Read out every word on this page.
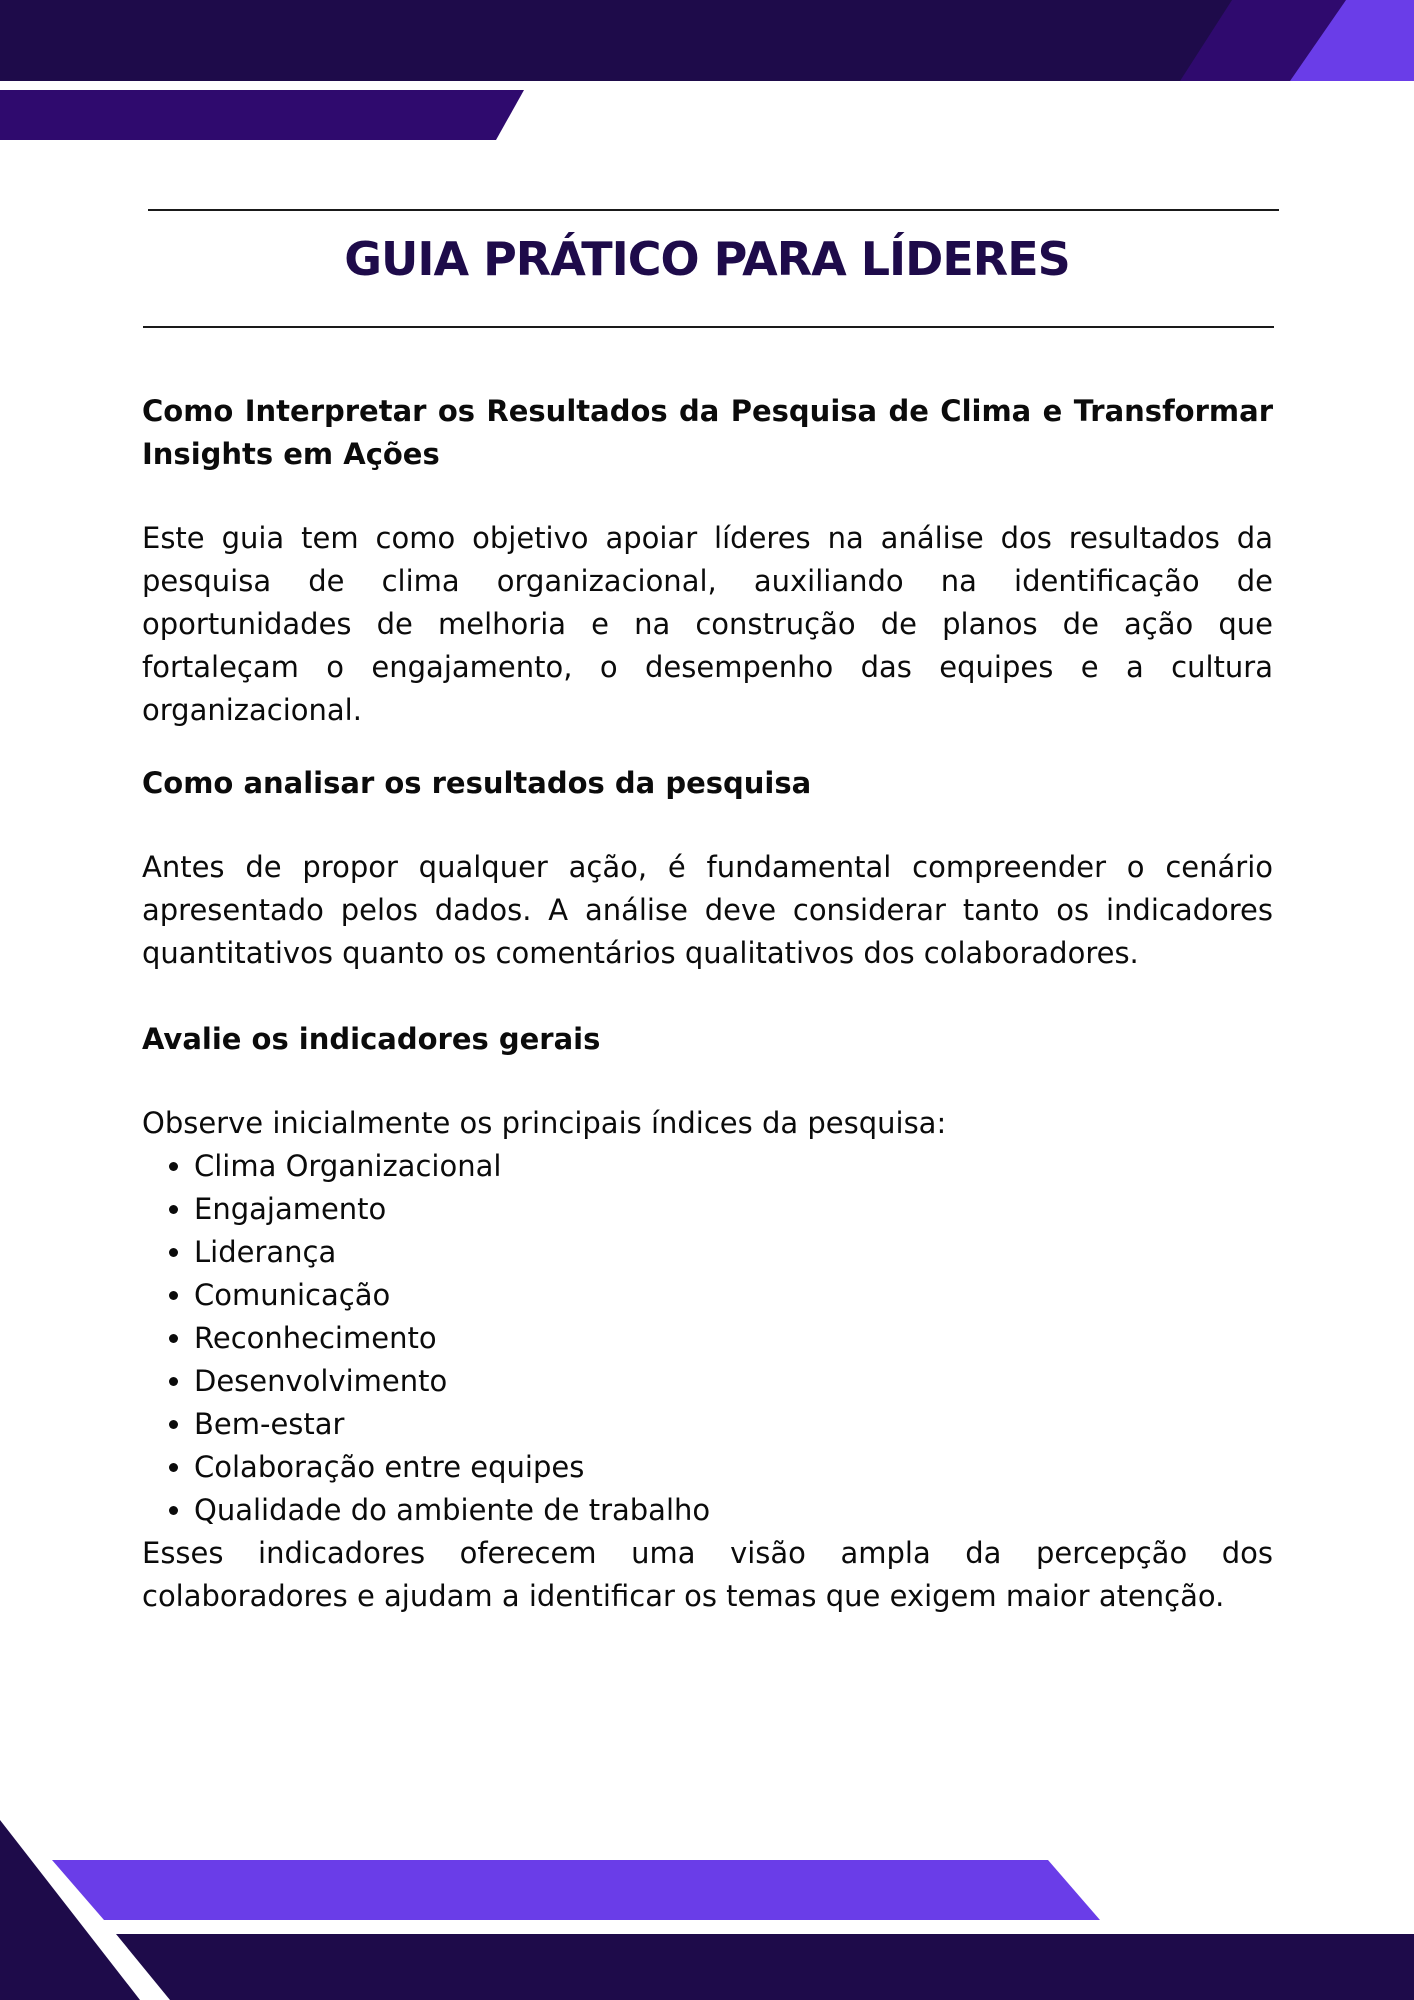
GUIA PRÁTICO PARA LÍDERES

Como Interpretar os Resultados da Pesquisa de Clima e Transformar Insights em Ações

Este guia tem como objetivo apoiar líderes na análise dos resultados da pesquisa de clima organizacional, auxiliando na identificação de oportunidades de melhoria e na construção de planos de ação que fortaleçam o engajamento, o desempenho das equipes e a cultura organizacional.

Como analisar os resultados da pesquisa

Antes de propor qualquer ação, é fundamental compreender o cenário apresentado pelos dados. A análise deve considerar tanto os indicadores quantitativos quanto os comentários qualitativos dos colaboradores.

Avalie os indicadores gerais

Observe inicialmente os principais índices da pesquisa:

• Clima Organizacional
• Engajamento
• Liderança
• Comunicação
• Reconhecimento
• Desenvolvimento
• Bem-estar
• Colaboração entre equipes
• Qualidade do ambiente de trabalho

Esses indicadores oferecem uma visão ampla da percepção dos colaboradores e ajudam a identificar os temas que exigem maior atenção.
